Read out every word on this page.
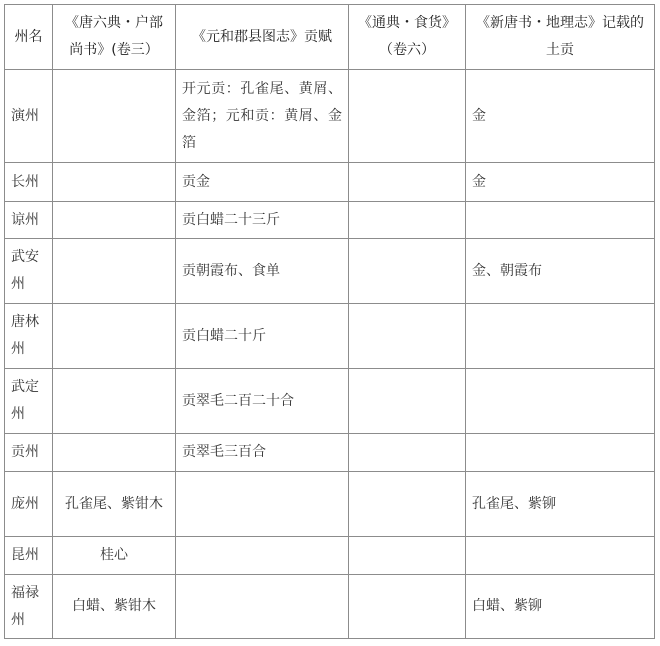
州名	《唐六典・户部尚书》(卷三）	《元和郡县图志》贡赋	《通典・食货》（卷六）	《新唐书・地理志》记载的土贡
演州		开元贡：孔雀尾、黄屑、金箔；元和贡：黄屑、金箔		金
长州		贡金		金
谅州		贡白蜡二十三斤		
武安州		贡朝霞布、食单		金、朝霞布
唐林州		贡白蜡二十斤		
武定州		贡翠毛二百二十合		
贡州		贡翠毛三百合		
庞州	孔雀尾、紫钳木			孔雀尾、紫铆
昆州	桂心			
福禄州	白蜡、紫钳木			白蜡、紫铆
